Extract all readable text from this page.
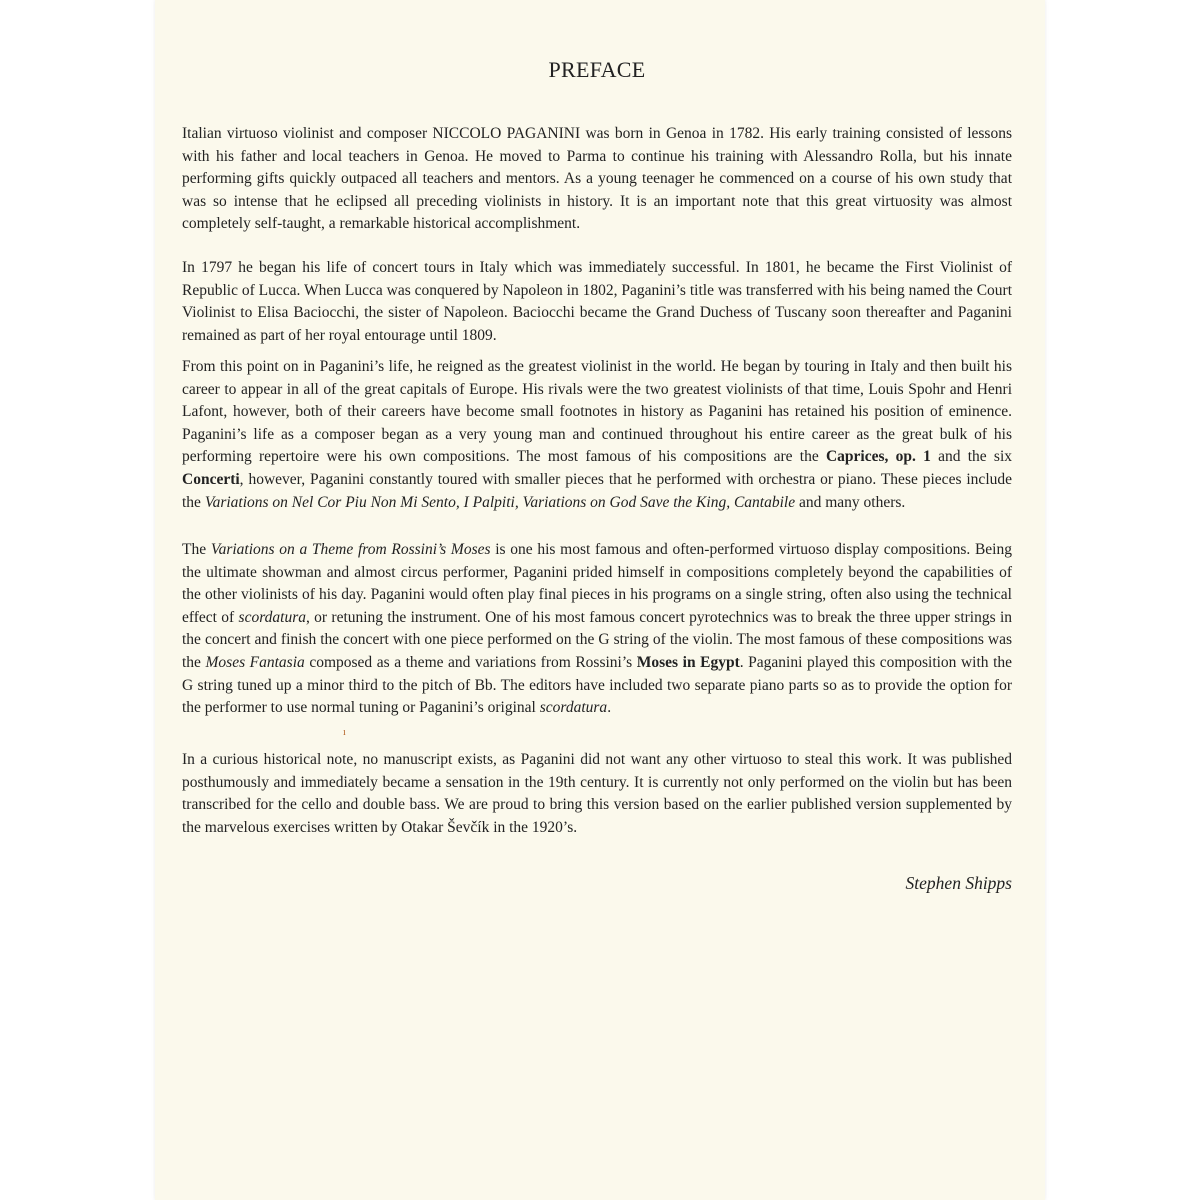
PREFACE

Italian virtuoso violinist and composer NICCOLO PAGANINI was born in Genoa in 1782. His early training consisted of lessons with his father and local teachers in Genoa. He moved to Parma to continue his training with Alessandro Rolla, but his innate performing gifts quickly outpaced all teachers and mentors. As a young teenager he commenced on a course of his own study that was so intense that he eclipsed all preceding violinists in history. It is an important note that this great virtuosity was almost completely self-taught, a remarkable historical accomplishment.

In 1797 he began his life of concert tours in Italy which was immediately successful. In 1801, he became the First Violinist of Republic of Lucca. When Lucca was conquered by Napoleon in 1802, Paganini’s title was transferred with his being named the Court Violinist to Elisa Baciocchi, the sister of Napoleon. Baciocchi became the Grand Duchess of Tuscany soon thereafter and Paganini remained as part of her royal entourage until 1809.

From this point on in Paganini’s life, he reigned as the greatest violinist in the world. He began by touring in Italy and then built his career to appear in all of the great capitals of Europe. His rivals were the two greatest violinists of that time, Louis Spohr and Henri Lafont, however, both of their careers have become small footnotes in history as Paganini has retained his position of eminence. Paganini’s life as a composer began as a very young man and continued throughout his entire career as the great bulk of his performing repertoire were his own compositions. The most famous of his compositions are the Caprices, op. 1 and the six Concerti, however, Paganini constantly toured with smaller pieces that he performed with orchestra or piano. These pieces include the Variations on Nel Cor Piu Non Mi Sento, I Palpiti, Variations on God Save the King, Cantabile and many others.

The Variations on a Theme from Rossini’s Moses is one his most famous and often-performed virtuoso display compositions. Being the ultimate showman and almost circus performer, Paganini prided himself in compositions completely beyond the capabilities of the other violinists of his day. Paganini would often play final pieces in his programs on a single string, often also using the technical effect of scordatura, or retuning the instrument. One of his most famous concert pyrotechnics was to break the three upper strings in the concert and finish the concert with one piece performed on the G string of the violin. The most famous of these compositions was the Moses Fantasia composed as a theme and variations from Rossini’s Moses in Egypt. Paganini played this composition with the G string tuned up a minor third to the pitch of Bb. The editors have included two separate piano parts so as to provide the option for the performer to use normal tuning or Paganini’s original scordatura.

In a curious historical note, no manuscript exists, as Paganini did not want any other virtuoso to steal this work. It was published posthumously and immediately became a sensation in the 19th century. It is currently not only performed on the violin but has been transcribed for the cello and double bass. We are proud to bring this version based on the earlier published version supplemented by the marvelous exercises written by Otakar Ševčík in the 1920’s.

Stephen Shipps

ı
